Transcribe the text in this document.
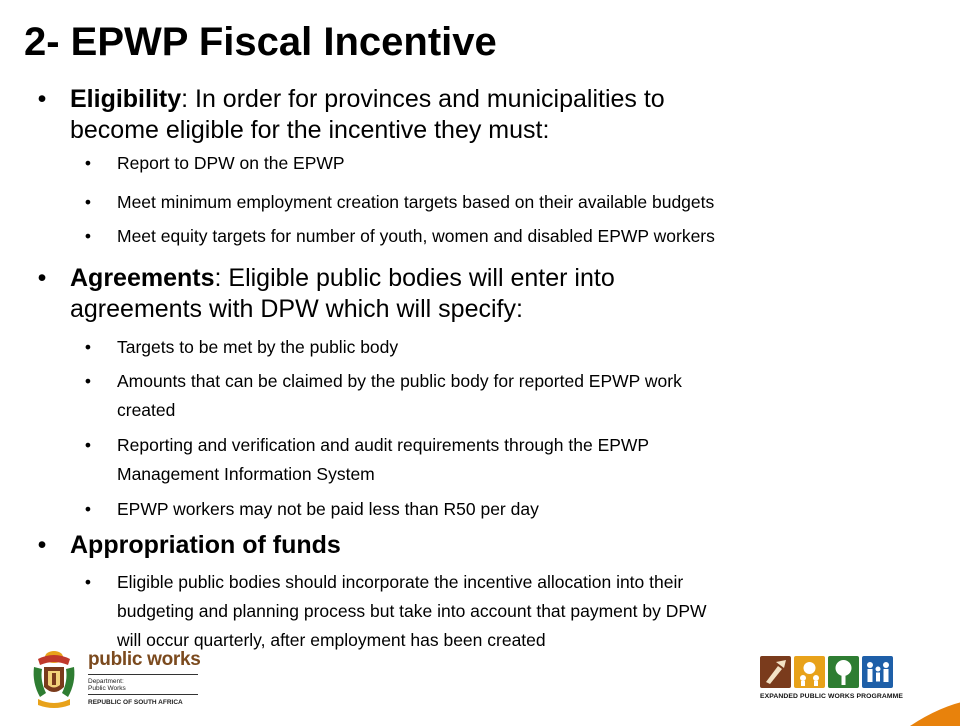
2- EPWP Fiscal Incentive
• Eligibility: In order for provinces and municipalities to
become eligible for the incentive they must:
• Report to DPW on the EPWP
• Meet minimum employment creation targets based on their available budgets
• Meet equity targets for number of youth, women and disabled EPWP workers
• Agreements: Eligible public bodies will enter into
agreements with DPW which will specify:
• Targets to be met by the public body
• Amounts that can be claimed by the public body for reported EPWP work
created
• Reporting and verification and audit requirements through the EPWP
Management Information System
• EPWP workers may not be paid less than R50 per day
• Appropriation of funds
• Eligible public bodies should incorporate the incentive allocation into their
budgeting and planning process but take into account that payment by DPW
will occur quarterly, after employment has been created
public works
Department:
Public Works
REPUBLIC OF SOUTH AFRICA
EXPANDED PUBLIC WORKS PROGRAMME
